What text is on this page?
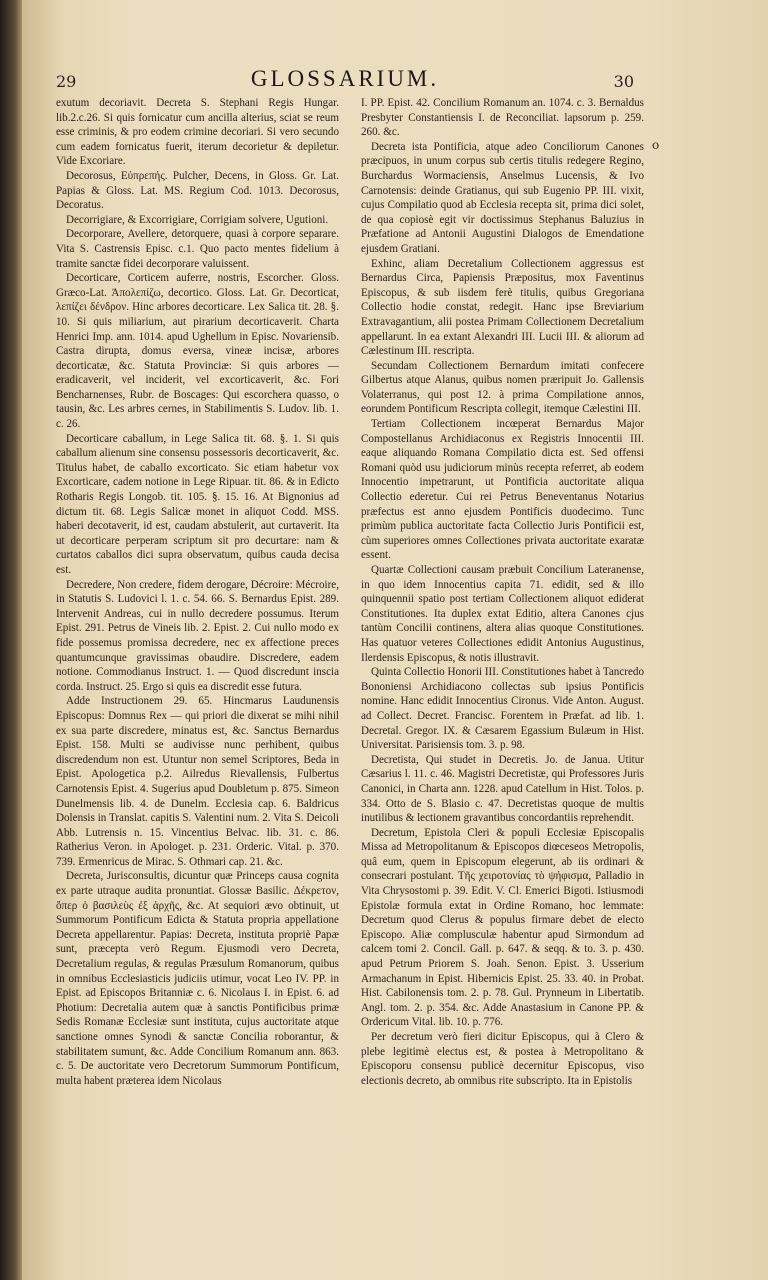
29	GLOSSARIUM.	30
o

exutum decoriavit. Decreta S. Stephani Regis Hungar. lib.2.c.26. Si quis fornicatur cum ancilla alterius, sciat se reum esse criminis, & pro eodem crimine decoriari. Si vero secundo cum eadem fornicatus fuerit, iterum decorietur & depiletur. Vide Excoriare.

Decorosus, Εὐπρεπής. Pulcher, Decens, in Gloss. Gr. Lat. Papias & Gloss. Lat. MS. Regium Cod. 1013. Decorosus, Decoratus.

Decorrigiare, & Excorrigiare, Corrigiam solvere, Ugutioni.

Decorporare, Avellere, detorquere, quasi à corpore separare. Vita S. Castrensis Episc. c.1. Quo pacto mentes fidelium à tramite sanctæ fidei decorporare valuissent.

Decorticare, Corticem auferre, nostris, Escorcher. Gloss. Græco-Lat. Ἀπολεπίζω, decortico. Gloss. Lat. Gr. Decorticat, λεπίζει δένδρον. Hinc arbores decorticare. Lex Salica tit. 28. §. 10. Si quis miliarium, aut pirarium decorticaverit. Charta Henrici Imp. ann. 1014. apud Ughellum in Episc. Novariensib. Castra dirupta, domus eversa, vineæ incisæ, arbores decorticatæ, &c. Statuta Provinciæ: Si quis arbores — eradicaverit, vel inciderit, vel excorticaverit, &c. Fori Bencharnenses, Rubr. de Boscages: Qui escorchera quasso, o tausin, &c. Les arbres cernes, in Stabilimentis S. Ludov. lib. 1. c. 26.

Decorticare caballum, in Lege Salica tit. 68. §. 1. Si quis caballum alienum sine consensu possessoris decorticaverit, &c. Titulus habet, de caballo excorticato. Sic etiam habetur vox Excorticare, cadem notione in Lege Ripuar. tit. 86. & in Edicto Rotharis Regis Longob. tit. 105. §. 15. 16. At Bignonius ad dictum tit. 68. Legis Salicæ monet in aliquot Codd. MSS. haberi decotaverit, id est, caudam abstulerit, aut curtaverit. Ita ut decorticare perperam scriptum sit pro decurtare: nam & curtatos caballos dici supra observatum, quibus cauda decisa est.

Decredere, Non credere, fidem derogare, Décroire: Mécroire, in Statutis S. Ludovici l. 1. c. 54. 66. S. Bernardus Epist. 289. Intervenit Andreas, cui in nullo decredere possumus. Iterum Epist. 291. Petrus de Vineis lib. 2. Epist. 2. Cui nullo modo ex fide possemus promissa decredere, nec ex affectione preces quantumcunque gravissimas obaudire. Discredere, eadem notione. Commodianus Instruct. 1. — Quod discredunt inscia corda. Instruct. 25. Ergo si quis ea discredit esse futura.

Adde Instructionem 29. 65. Hincmarus Laudunensis Episcopus: Domnus Rex — qui priori die dixerat se mihi nihil ex sua parte discredere, minatus est, &c. Sanctus Bernardus Epist. 158. Multi se audivisse nunc perhibent, quibus discredendum non est. Utuntur non semel Scriptores, Beda in Epist. Apologetica p.2. Ailredus Rievallensis, Fulbertus Carnotensis Epist. 4. Sugerius apud Doubletum p. 875. Simeon Dunelmensis lib. 4. de Dunelm. Ecclesia cap. 6. Baldricus Dolensis in Translat. capitis S. Valentini num. 2. Vita S. Deicoli Abb. Lutrensis n. 15. Vincentius Belvac. lib. 31. c. 86. Ratherius Veron. in Apologet. p. 231. Orderic. Vital. p. 370. 739. Ermenricus de Mirac. S. Othmari cap. 21. &c.

Decreta, Jurisconsultis, dicuntur quæ Princeps causa cognita ex parte utraque audita pronuntiat. Glossæ Basilic. Δέκρετον, ὅπερ ὁ βασιλεὺς ἐξ ἀρχῆς, &c. At sequiori ævo obtinuit, ut Summorum Pontificum Edicta & Statuta propria appellatione Decreta appellarentur. Papias: Decreta, instituta propriè Papæ sunt, præcepta verò Regum. Ejusmodi vero Decreta, Decretalium regulas, & regulas Præsulum Romanorum, quibus in omnibus Ecclesiasticis judiciis utimur, vocat Leo IV. PP. in Epist. ad Episcopos Britanniæ c. 6. Nicolaus I. in Epist. 6. ad Photium: Decretalia autem quæ à sanctis Pontificibus primæ Sedis Romanæ Ecclesiæ sunt instituta, cujus auctoritate atque sanctione omnes Synodi & sanctæ Concilia roborantur, & stabilitatem sumunt, &c. Adde Concilium Romanum ann. 863. c. 5. De auctoritate vero Decretorum Summorum Pontificum, multa habent præterea idem Nicolaus

I. PP. Epist. 42. Concilium Romanum an. 1074. c. 3. Bernaldus Presbyter Constantiensis I. de Reconciliat. lapsorum p. 259. 260. &c.

Decreta ista Pontificia, atque adeo Conciliorum Canones præcipuos, in unum corpus sub certis titulis redegere Regino, Burchardus Wormaciensis, Anselmus Lucensis, & Ivo Carnotensis: deinde Gratianus, qui sub Eugenio PP. III. vixit, cujus Compilatio quod ab Ecclesia recepta sit, prima dici solet, de qua copiosè egit vir doctissimus Stephanus Baluzius in Præfatione ad Antonii Augustini Dialogos de Emendatione ejusdem Gratiani.

Exhinc, aliam Decretalium Collectionem aggressus est Bernardus Circa, Papiensis Præpositus, mox Faventinus Episcopus, & sub iisdem ferè titulis, quibus Gregoriana Collectio hodie constat, redegit. Hanc ipse Breviarium Extravagantium, alii postea Primam Collectionem Decretalium appellarunt. In ea extant Alexandri III. Lucii III. & aliorum ad Cælestinum III. rescripta.

Secundam Collectionem Bernardum imitati confecere Gilbertus atque Alanus, quibus nomen præripuit Jo. Gallensis Volaterranus, qui post 12. à prima Compilatione annos, eorundem Pontificum Rescripta collegit, itemque Cælestini III.

Tertiam Collectionem incœperat Bernardus Major Compostellanus Archidiaconus ex Registris Innocentii III. eaque aliquando Romana Compilatio dicta est. Sed offensi Romani quòd usu judiciorum minùs recepta referret, ab eodem Innocentio impetrarunt, ut Pontificia auctoritate aliqua Collectio ederetur. Cui rei Petrus Beneventanus Notarius præfectus est anno ejusdem Pontificis duodecimo. Tunc primùm publica auctoritate facta Collectio Juris Pontificii est, cùm superiores omnes Collectiones privata auctoritate exaratæ essent.

Quartæ Collectioni causam præbuit Concilium Lateranense, in quo idem Innocentius capita 71. edidit, sed & illo quinquennii spatio post tertiam Collectionem aliquot ediderat Constitutiones. Ita duplex extat Editio, altera Canones cjus tantùm Concilii continens, altera alias quoque Constitutiones. Has quatuor veteres Collectiones edidit Antonius Augustinus, Ilerdensis Episcopus, & notis illustravit.

Quinta Collectio Honorii III. Constitutiones habet à Tancredo Bononiensi Archidiacono collectas sub ipsius Pontificis nomine. Hanc edidit Innocentius Cironus. Vide Anton. August. ad Collect. Decret. Francisc. Forentem in Præfat. ad lib. 1. Decretal. Gregor. IX. & Cæsarem Egassium Bulæum in Hist. Universitat. Parisiensis tom. 3. p. 98.

Decretista, Qui studet in Decretis. Jo. de Janua. Utitur Cæsarius l. 11. c. 46. Magistri Decretistæ, qui Professores Juris Canonici, in Charta ann. 1228. apud Catellum in Hist. Tolos. p. 334. Otto de S. Blasio c. 47. Decretistas quoque de multis inutilibus & lectionem gravantibus concordantiis reprehendit.

Decretum, Epistola Cleri & populi Ecclesiæ Episcopalis Missa ad Metropolitanum & Episcopos diœceseos Metropolis, quâ eum, quem in Episcopum elegerunt, ab iis ordinari & consecrari postulant. Τῆς χειροτονίας τὸ ψήφισμα, Palladio in Vita Chrysostomi p. 39. Edit. V. Cl. Emerici Bigoti. Istiusmodi Epistolæ formula extat in Ordine Romano, hoc lemmate: Decretum quod Clerus & populus firmare debet de electo Episcopo. Aliæ complusculæ habentur apud Sirmondum ad calcem tomi 2. Concil. Gall. p. 647. & seqq. & to. 3. p. 430. apud Petrum Priorem S. Joah. Senon. Epist. 3. Usserium Armachanum in Epist. Hibernicis Epist. 25. 33. 40. in Probat. Hist. Cabilonensis tom. 2. p. 78. Gul. Prynneum in Libertatib. Angl. tom. 2. p. 354. &c. Adde Anastasium in Canone PP. & Ordericum Vital. lib. 10. p. 776.

Per decretum verò fieri dicitur Episcopus, qui à Clero & plebe legitimè electus est, & postea à Metropolitano & Episcoporu consensu publicè decernitur Episcopus, viso electionis decreto, ab omnibus rite subscripto. Ita in Epistolis
